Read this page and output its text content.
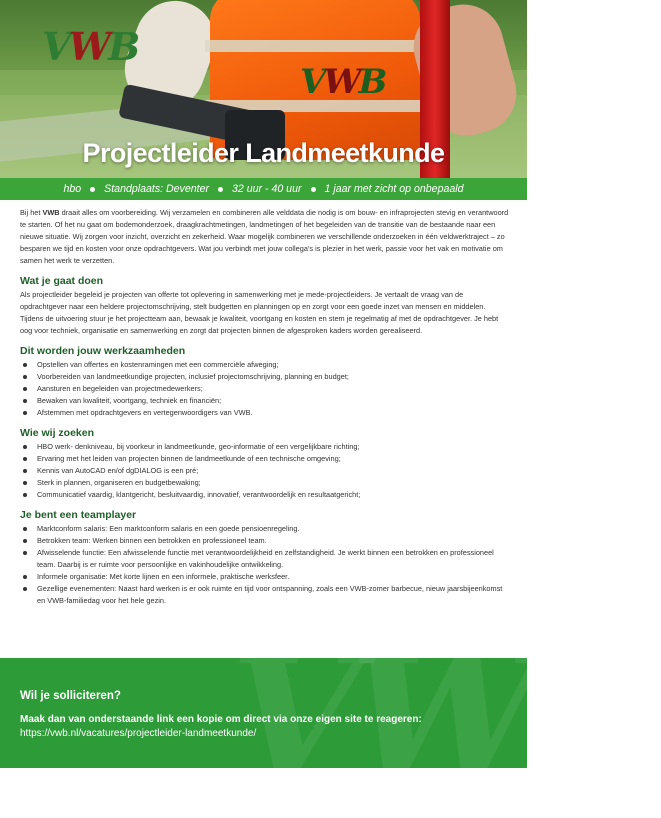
VWB
VWB
Projectleider Landmeetkunde
hbo Standplaats: Deventer 32 uur - 40 uur 1 jaar met zicht op onbepaald

Bij het VWB draait alles om voorbereiding. Wij verzamelen en combineren alle velddata die nodig is om bouw- en infraprojecten stevig en verantwoord te starten. Of het nu gaat om bodemonderzoek, draagkrachtmetingen, landmetingen of het begeleiden van de transitie van de bestaande naar een nieuwe situatie. Wij zorgen voor inzicht, overzicht en zekerheid. Waar mogelijk combineren we verschillende onderzoeken in één veldwerktraject – zo besparen we tijd en kosten voor onze opdrachtgevers. Wat jou verbindt met jouw collega’s is plezier in het werk, passie voor het vak en motivatie om samen het werk te verzetten.

Wat je gaat doen

Als projectleider begeleid je projecten van offerte tot oplevering in samenwerking met je mede-projectleiders. Je vertaalt de vraag van de opdrachtgever naar een heldere projectomschrijving, stelt budgetten en planningen op en zorgt voor een goede inzet van mensen en middelen. Tijdens de uitvoering stuur je het projectteam aan, bewaak je kwaliteit, voortgang en kosten en stem je regelmatig af met de opdrachtgever. Je hebt oog voor techniek, organisatie en samenwerking en zorgt dat projecten binnen de afgesproken kaders worden gerealiseerd.

Dit worden jouw werkzaamheden
Opstellen van offertes en kostenramingen met een commerciële afweging;
Voorbereiden van landmeetkundige projecten, inclusief projectomschrijving, planning en budget;
Aansturen en begeleiden van projectmedewerkers;
Bewaken van kwaliteit, voortgang, techniek en financiën;
Afstemmen met opdrachtgevers en vertegenwoordigers van VWB.
Wie wij zoeken
HBO werk- denkniveau, bij voorkeur in landmeetkunde, geo-informatie of een vergelijkbare richting;
Ervaring met het leiden van projecten binnen de landmeetkunde of een technische omgeving;
Kennis van AutoCAD en/of dgDIALOG is een pré;
Sterk in plannen, organiseren en budgetbewaking;
Communicatief vaardig, klantgericht, besluitvaardig, innovatief, verantwoordelijk en resultaatgericht;
Je bent een teamplayer
Marktconform salaris: Een marktconform salaris en een goede pensioenregeling.
Betrokken team: Werken binnen een betrokken en professioneel team.
Afwisselende functie: Een afwisselende functie met verantwoordelijkheid en zelfstandigheid. Je werkt binnen een betrokken en professioneel team. Daarbij is er ruimte voor persoonlijke en vakinhoudelijke ontwikkeling.
Informele organisatie: Met korte lijnen en een informele, praktische werksfeer.
Gezellige evenementen: Naast hard werken is er ook ruimte en tijd voor ontspanning, zoals een VWB-zomer barbecue, nieuw jaarsbijeenkomst en VWB-familiedag voor het hele gezin.
VWB
Wil je solliciteren?
Maak dan van onderstaande link een kopie om direct via onze eigen site te reageren:
https://vwb.nl/vacatures/projectleider-landmeetkunde/
